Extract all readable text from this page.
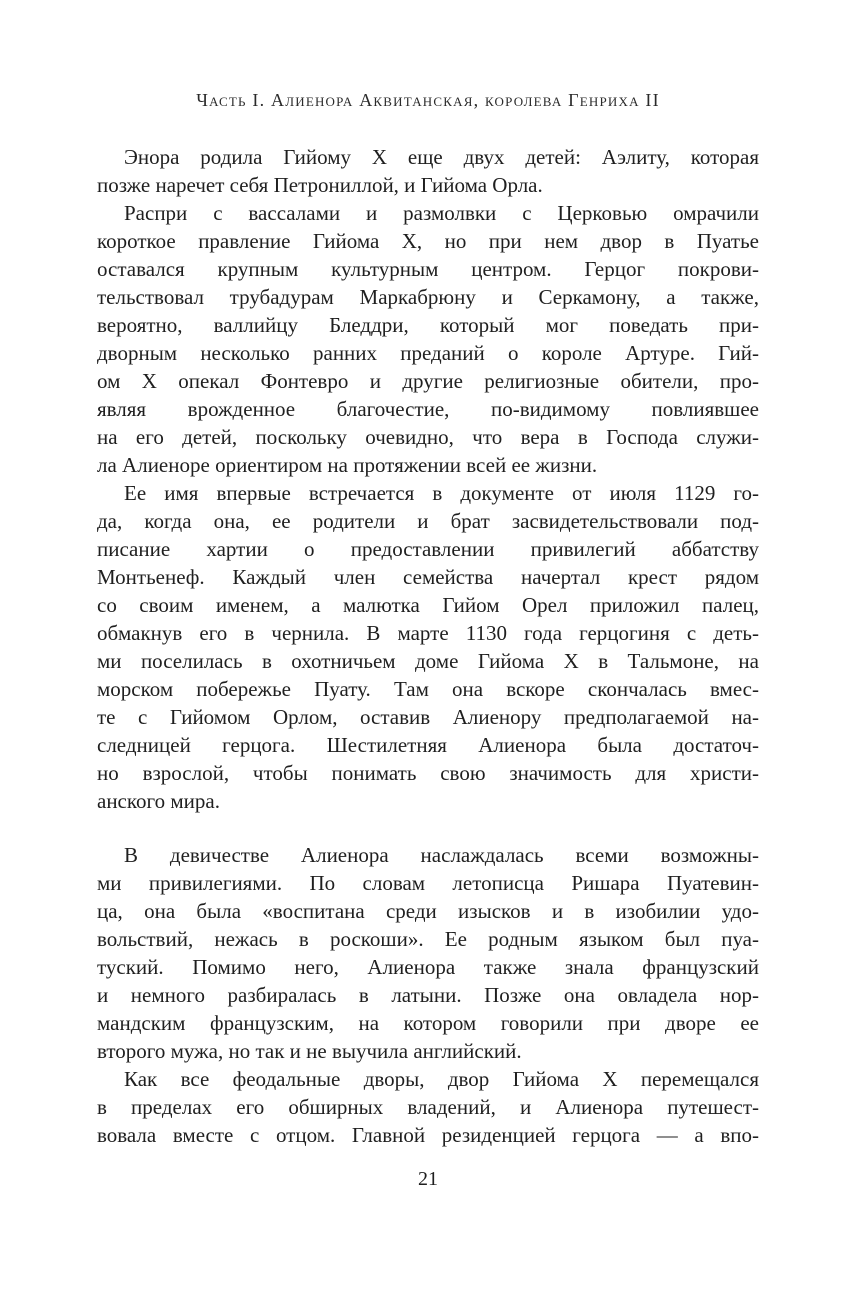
Часть I. Алиенора Аквитанская, королева Генриха II
Энора родила Гийому X еще двух детей: Аэлиту, которая
позже наречет себя Петрониллой, и Гийома Орла.
Распри с вассалами и размолвки с Церковью омрачили
короткое правление Гийома X, но при нем двор в Пуатье
оставался крупным культурным центром. Герцог покрови-
тельствовал трубадурам Маркабрюну и Серкамону, а также,
вероятно, валлийцу Бледдри, который мог поведать при-
дворным несколько ранних преданий о короле Артуре. Гий-
ом X опекал Фонтевро и другие религиозные обители, про-
являя врожденное благочестие, по-видимому повлиявшее
на его детей, поскольку очевидно, что вера в Господа служи-
ла Алиеноре ориентиром на протяжении всей ее жизни.
Ее имя впервые встречается в документе от июля 1129 го-
да, когда она, ее родители и брат засвидетельствовали под-
писание хартии о предоставлении привилегий аббатству
Монтьенеф. Каждый член семейства начертал крест рядом
со своим именем, а малютка Гийом Орел приложил палец,
обмакнув его в чернила. В марте 1130 года герцогиня с деть-
ми поселилась в охотничьем доме Гийома X в Тальмоне, на
морском побережье Пуату. Там она вскоре скончалась вмес-
те с Гийомом Орлом, оставив Алиенору предполагаемой на-
следницей герцога. Шестилетняя Алиенора была достаточ-
но взрослой, чтобы понимать свою значимость для христи-
анского мира.
В девичестве Алиенора наслаждалась всеми возможны-
ми привилегиями. По словам летописца Ришара Пуатевин-
ца, она была «воспитана среди изысков и в изобилии удо-
вольствий, нежась в роскоши». Ее родным языком был пуа-
туский. Помимо него, Алиенора также знала французский
и немного разбиралась в латыни. Позже она овладела нор-
мандским французским, на котором говорили при дворе ее
второго мужа, но так и не выучила английский.
Как все феодальные дворы, двор Гийома X перемещался
в пределах его обширных владений, и Алиенора путешест-
вовала вместе с отцом. Главной резиденцией герцога — а впо-
21
